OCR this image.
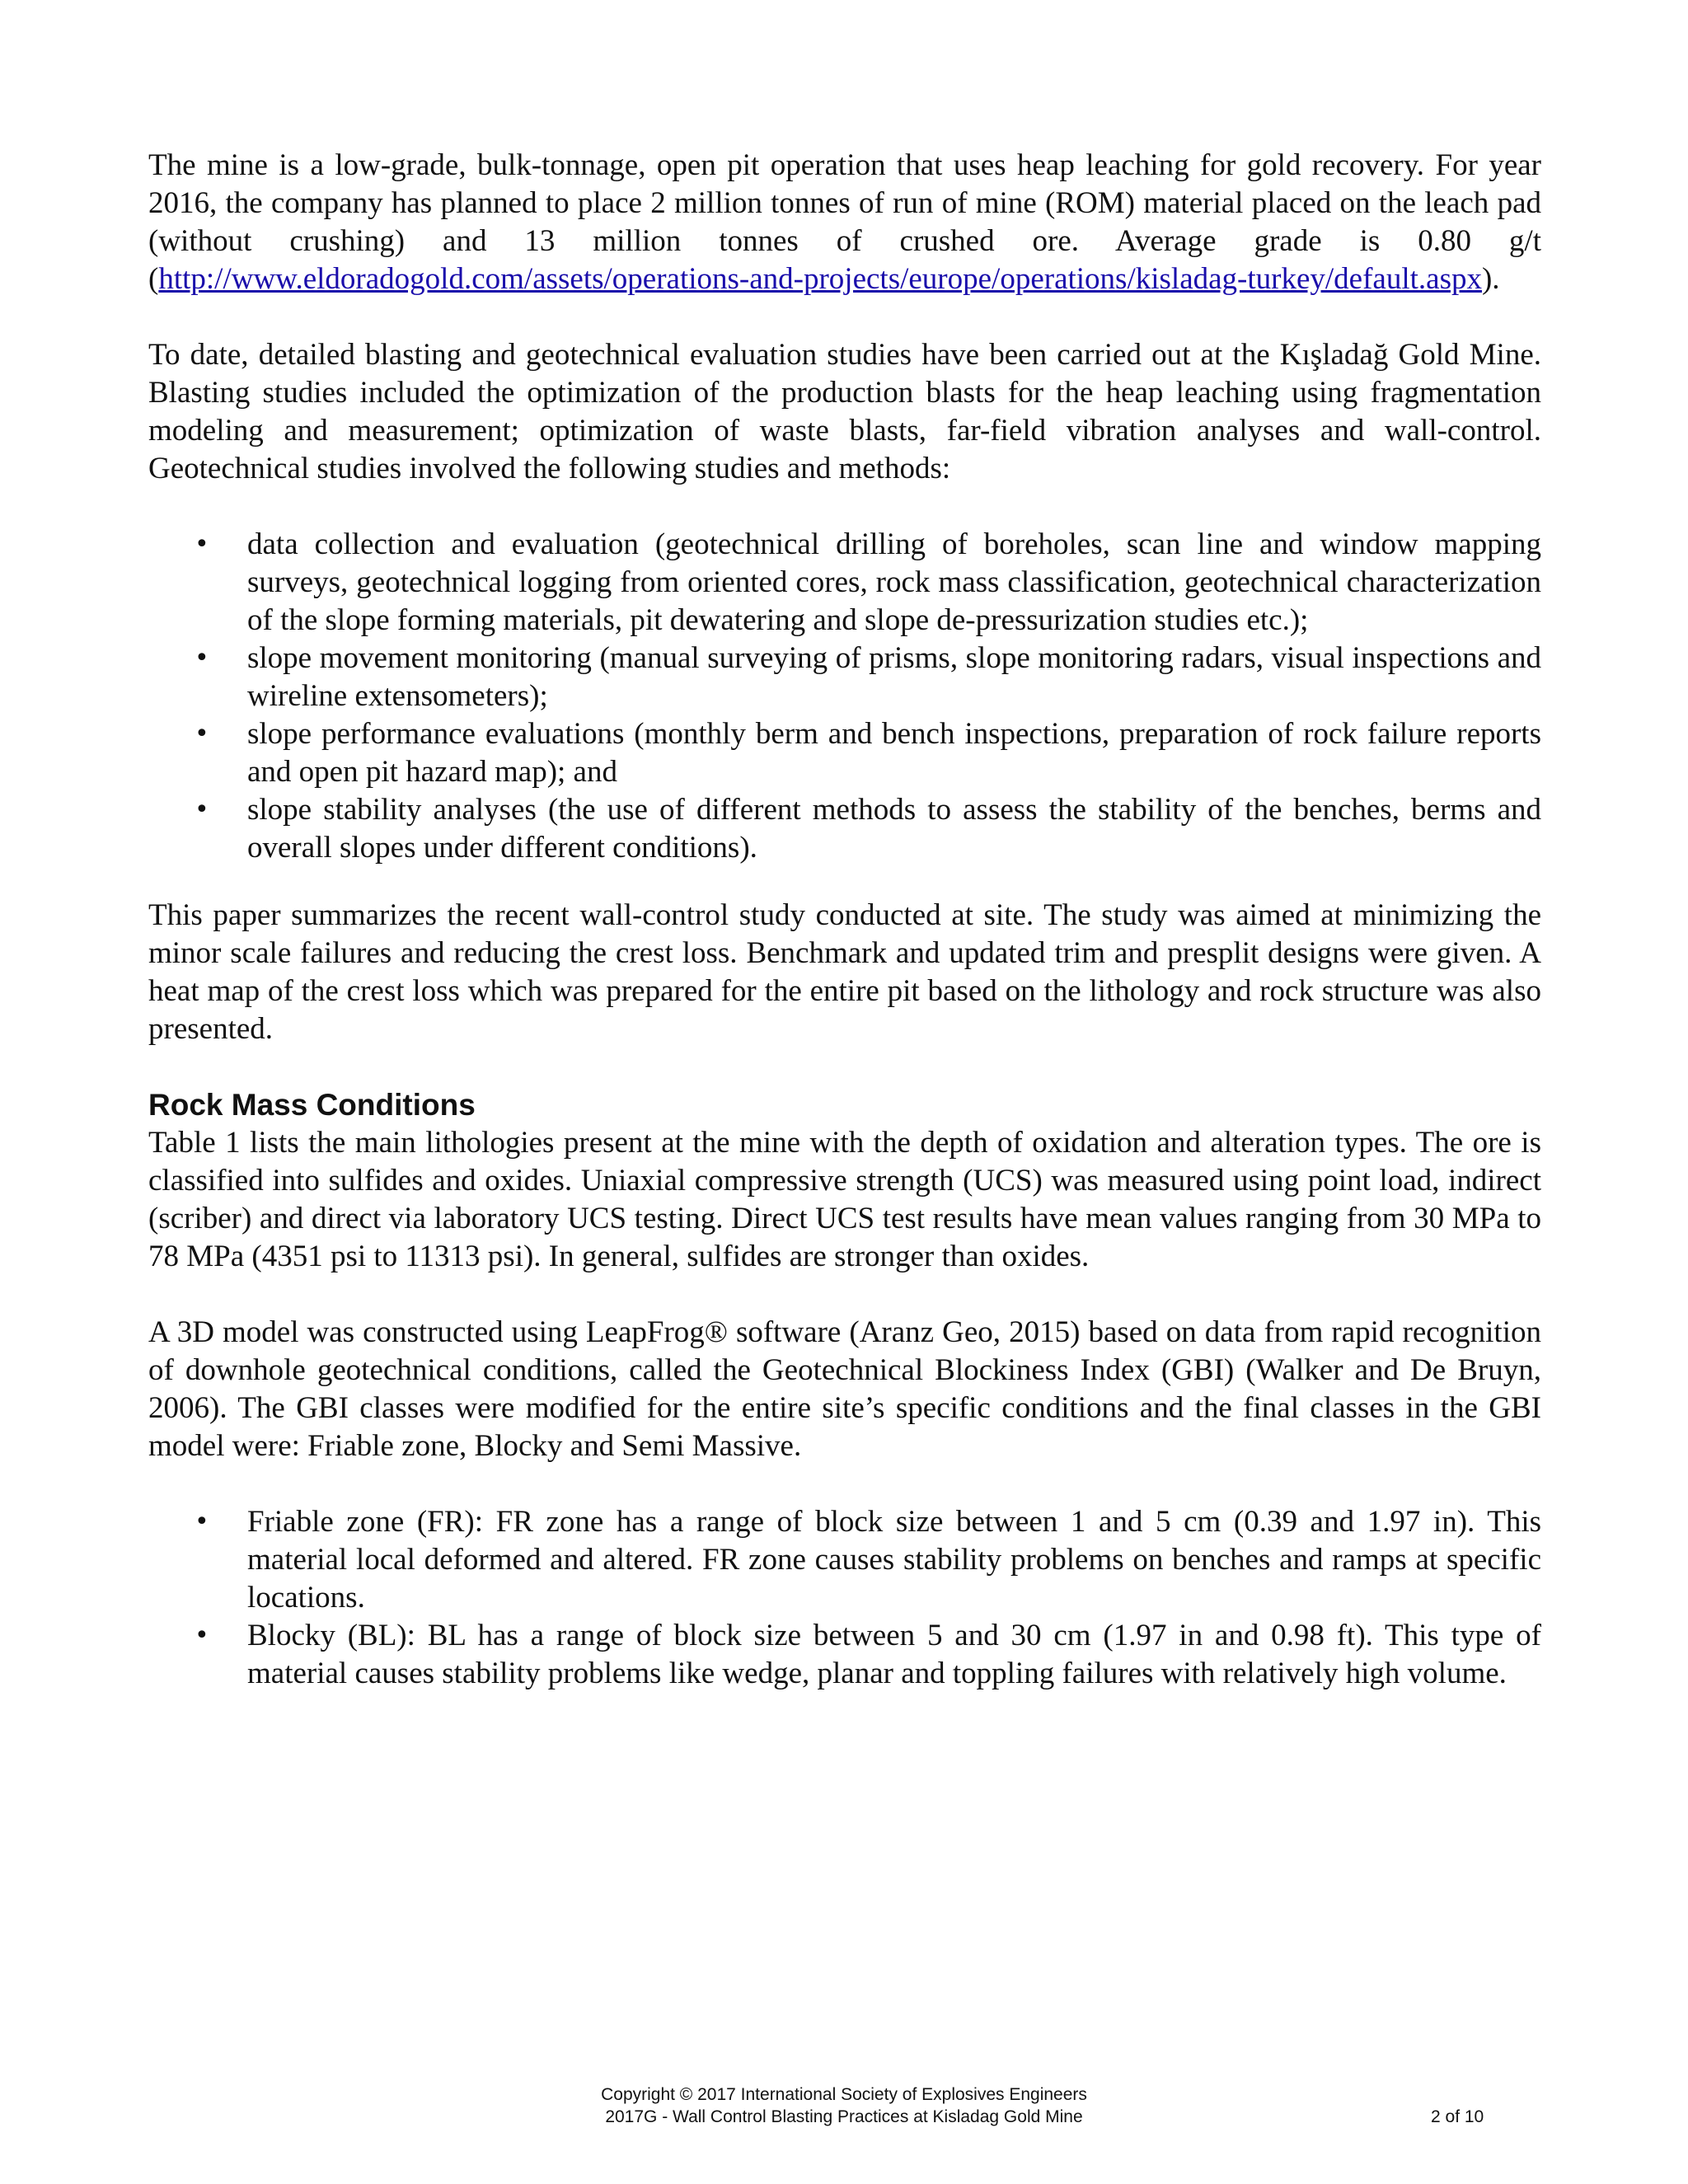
The mine is a low-grade, bulk-tonnage, open pit operation that uses heap leaching for gold recovery. For year 2016, the company has planned to place 2 million tonnes of run of mine (ROM) material placed on the leach pad (without crushing) and 13 million tonnes of crushed ore. Average grade is 0.80 g/t (http://www.eldoradogold.com/assets/operations-and-projects/europe/operations/kisladag-turkey/default.aspx).

To date, detailed blasting and geotechnical evaluation studies have been carried out at the Kışladağ Gold Mine. Blasting studies included the optimization of the production blasts for the heap leaching using fragmentation modeling and measurement; optimization of waste blasts, far-field vibration analyses and wall-control. Geotechnical studies involved the following studies and methods:

• data collection and evaluation (geotechnical drilling of boreholes, scan line and window mapping surveys, geotechnical logging from oriented cores, rock mass classification, geotechnical characterization of the slope forming materials, pit dewatering and slope de-pressurization studies etc.);
• slope movement monitoring (manual surveying of prisms, slope monitoring radars, visual inspections and wireline extensometers);
• slope performance evaluations (monthly berm and bench inspections, preparation of rock failure reports and open pit hazard map); and
• slope stability analyses (the use of different methods to assess the stability of the benches, berms and overall slopes under different conditions).

This paper summarizes the recent wall-control study conducted at site. The study was aimed at minimizing the minor scale failures and reducing the crest loss. Benchmark and updated trim and presplit designs were given. A heat map of the crest loss which was prepared for the entire pit based on the lithology and rock structure was also presented.

Rock Mass Conditions

Table 1 lists the main lithologies present at the mine with the depth of oxidation and alteration types. The ore is classified into sulfides and oxides. Uniaxial compressive strength (UCS) was measured using point load, indirect (scriber) and direct via laboratory UCS testing. Direct UCS test results have mean values ranging from 30 MPa to 78 MPa (4351 psi to 11313 psi). In general, sulfides are stronger than oxides.

A 3D model was constructed using LeapFrog® software (Aranz Geo, 2015) based on data from rapid recognition of downhole geotechnical conditions, called the Geotechnical Blockiness Index (GBI) (Walker and De Bruyn, 2006). The GBI classes were modified for the entire site’s specific conditions and the final classes in the GBI model were: Friable zone, Blocky and Semi Massive.

• Friable zone (FR): FR zone has a range of block size between 1 and 5 cm (0.39 and 1.97 in). This material local deformed and altered. FR zone causes stability problems on benches and ramps at specific locations.
• Blocky (BL): BL has a range of block size between 5 and 30 cm (1.97 in and 0.98 ft). This type of material causes stability problems like wedge, planar and toppling failures with relatively high volume.
Copyright © 2017 International Society of Explosives Engineers
2017G - Wall Control Blasting Practices at Kisladag Gold Mine	2 of 10
